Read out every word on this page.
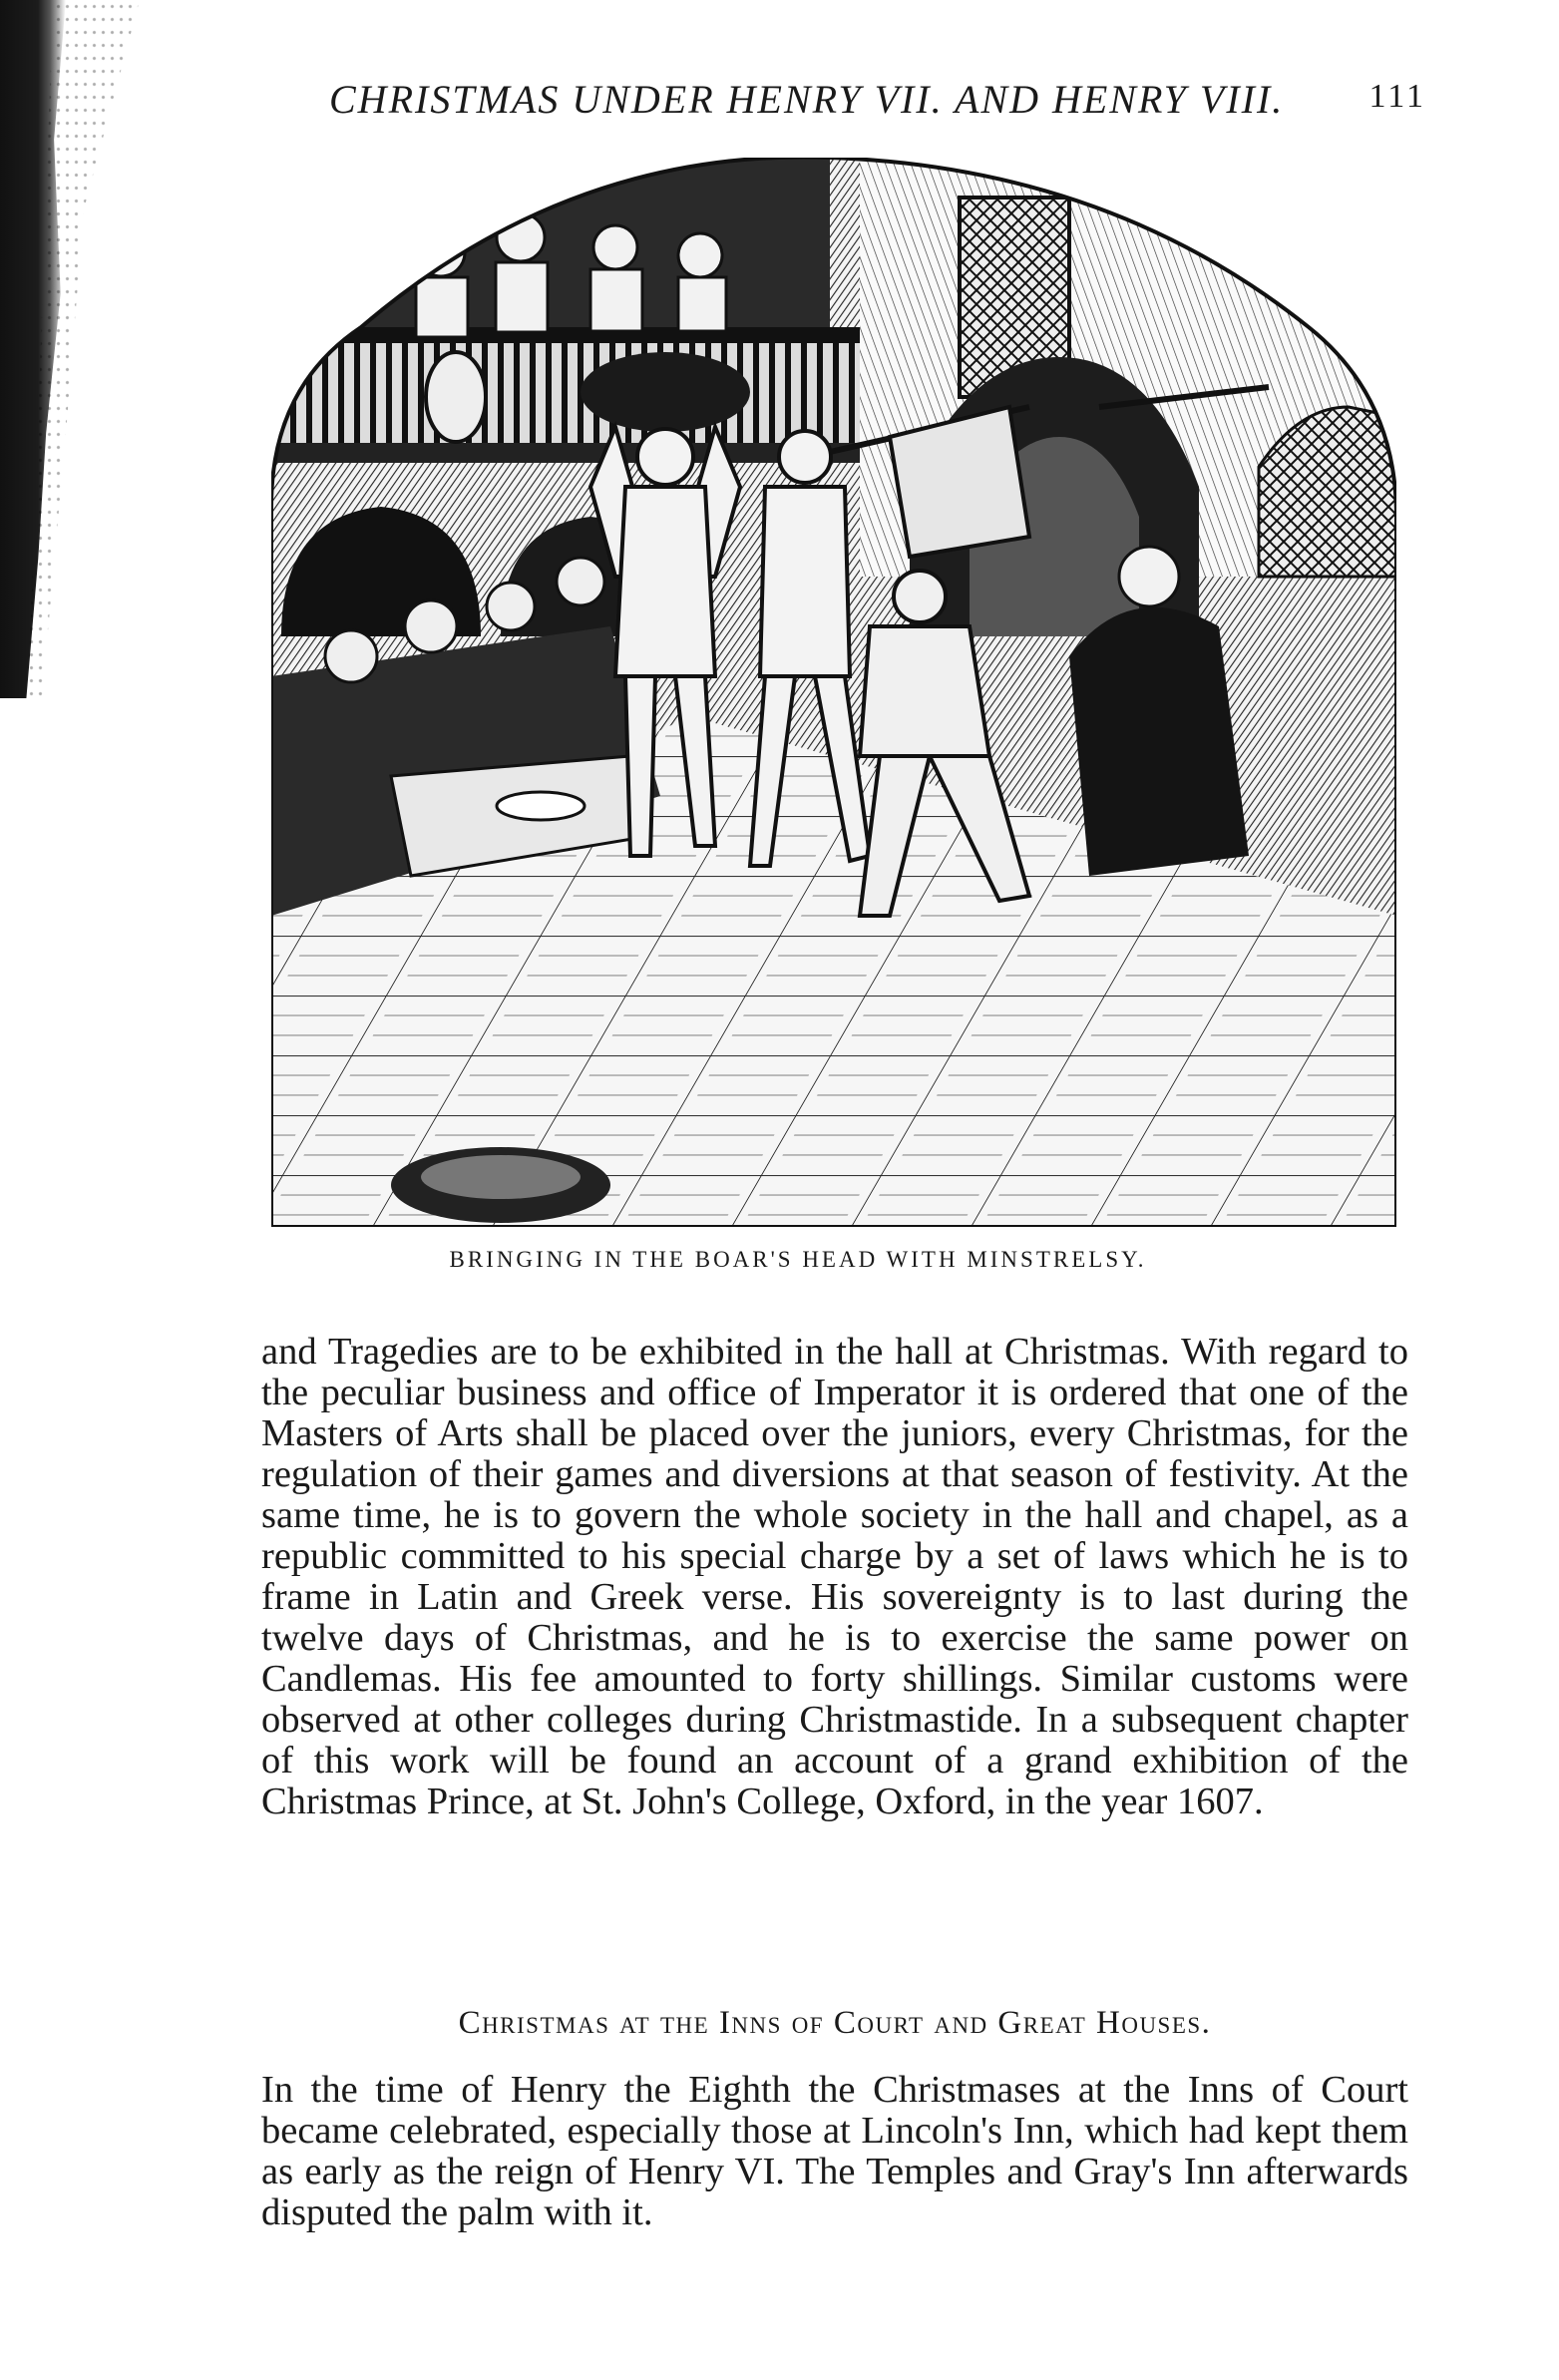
CHRISTMAS UNDER HENRY VII. AND HENRY VIII.	111
BRINGING IN THE BOAR'S HEAD WITH MINSTRELSY.

and Tragedies are to be exhibited in the hall at Christmas. With regard to the peculiar business and office of Imperator it is ordered that one of the Masters of Arts shall be placed over the juniors, every Christmas, for the regulation of their games and diversions at that season of festivity. At the same time, he is to govern the whole society in the hall and chapel, as a republic committed to his special charge by a set of laws which he is to frame in Latin and Greek verse. His sovereignty is to last during the twelve days of Christmas, and he is to exercise the same power on Candlemas. His fee amounted to forty shillings. Similar customs were observed at other colleges during Christmastide. In a subsequent chapter of this work will be found an account of a grand exhibition of the Christmas Prince, at St. John's College, Oxford, in the year 1607.

Christmas at the Inns of Court and Great Houses.

In the time of Henry the Eighth the Christmases at the Inns of Court became celebrated, especially those at Lincoln's Inn, which had kept them as early as the reign of Henry VI. The Temples and Gray's Inn afterwards disputed the palm with it.
